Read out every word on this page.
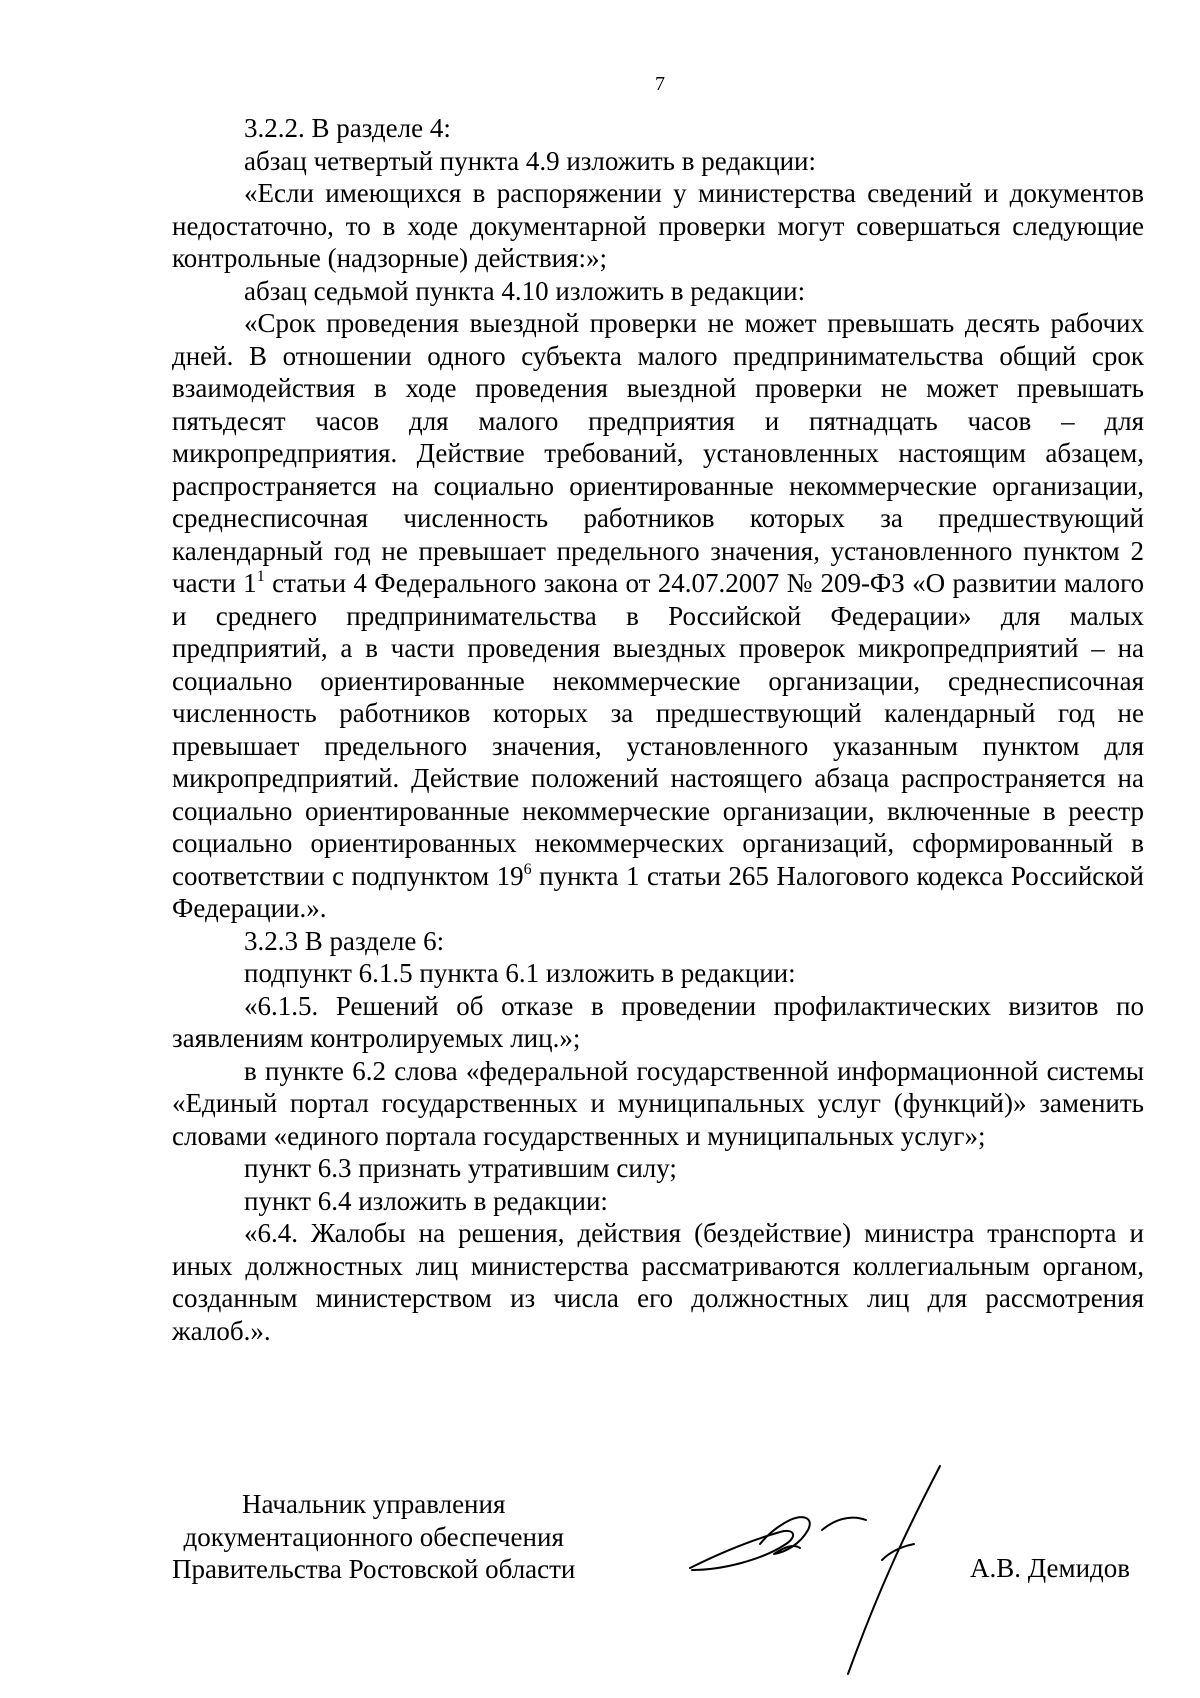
7

3.2.2. В разделе 4:

абзац четвертый пункта 4.9 изложить в редакции:

«Если имеющихся в распоряжении у министерства сведений и документов недостаточно, то в ходе документарной проверки могут совершаться следующие контрольные (надзорные) действия:»;

абзац седьмой пункта 4.10 изложить в редакции:

«Срок проведения выездной проверки не может превышать десять рабочих дней. В отношении одного субъекта малого предпринимательства общий срок взаимодействия в ходе проведения выездной проверки не может превышать пятьдесят часов для малого предприятия и пятнадцать часов – для микропредприятия. Действие требований, установленных настоящим абзацем, распространяется на социально ориентированные некоммерческие организации, среднесписочная численность работников которых за предшествующий календарный год не превышает предельного значения, установленного пунктом 2 части $1^1$ статьи 4 Федерального закона от 24.07.2007 № 209-ФЗ «О развитии малого и среднего предпринимательства в Российской Федерации» для малых предприятий, а в части проведения выездных проверок микропредприятий – на социально ориентированные некоммерческие организации, среднесписочная численность работников которых за предшествующий календарный год не превышает предельного значения, установленного указанным пунктом для микропредприятий. Действие положений настоящего абзаца распространяется на социально ориентированные некоммерческие организации, включенные в реестр социально ориентированных некоммерческих организаций, сформированный в соответствии с подпунктом $19^6$ пункта 1 статьи 265 Налогового кодекса Российской Федерации.».

3.2.3 В разделе 6:

подпункт 6.1.5 пункта 6.1 изложить в редакции:

«6.1.5. Решений об отказе в проведении профилактических визитов по заявлениям контролируемых лиц.»;

в пункте 6.2 слова «федеральной государственной информационной системы «Единый портал государственных и муниципальных услуг (функций)» заменить словами «единого портала государственных и муниципальных услуг»;

пункт 6.3 признать утратившим силу;

пункт 6.4 изложить в редакции:

«6.4. Жалобы на решения, действия (бездействие) министра транспорта и иных должностных лиц министерства рассматриваются коллегиальным органом, созданным министерством из числа его должностных лиц для рассмотрения жалоб.».

Начальник управления
документационного обеспечения
Правительства Ростовской области	А.В. Демидов
